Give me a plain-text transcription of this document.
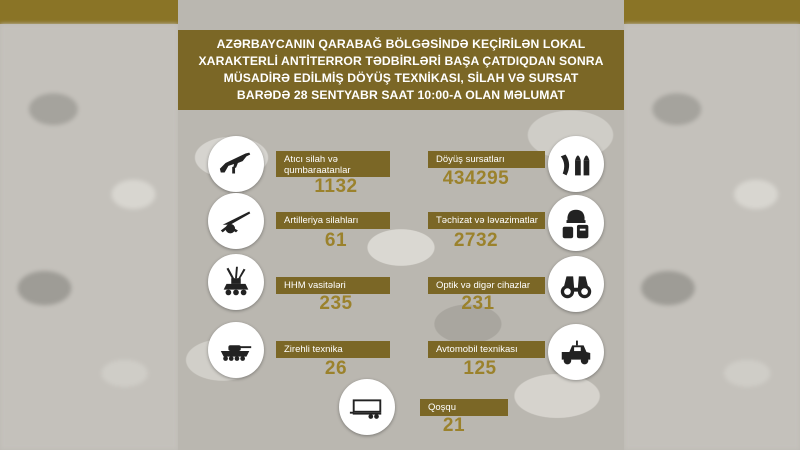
AZƏRBAYCANIN QARABAĞ BÖLGƏSİNDƏ KEÇİRİLƏN LOKAL
XARAKTERLİ ANTİTERROR TƏDBİRLƏRİ BAŞA ÇATDIQDAN SONRA
MÜSADİRƏ EDİLMİŞ DÖYÜŞ TEXNİKASI, SİLAH VƏ SURSAT
BARƏDƏ 28 SENTYABR SAAT 10:00-A OLAN MƏLUMAT
Atıcı silah və
qumbaraatanlar
1132
Döyüş sursatları
434295
Artilleriya silahları
61
Təchizat və ləvazimatlar
2732
HHM vasitələri
235
Optik və digər cihazlar
231
Zirehli texnika
26
Avtomobil texnikası
125
Qoşqu
21
